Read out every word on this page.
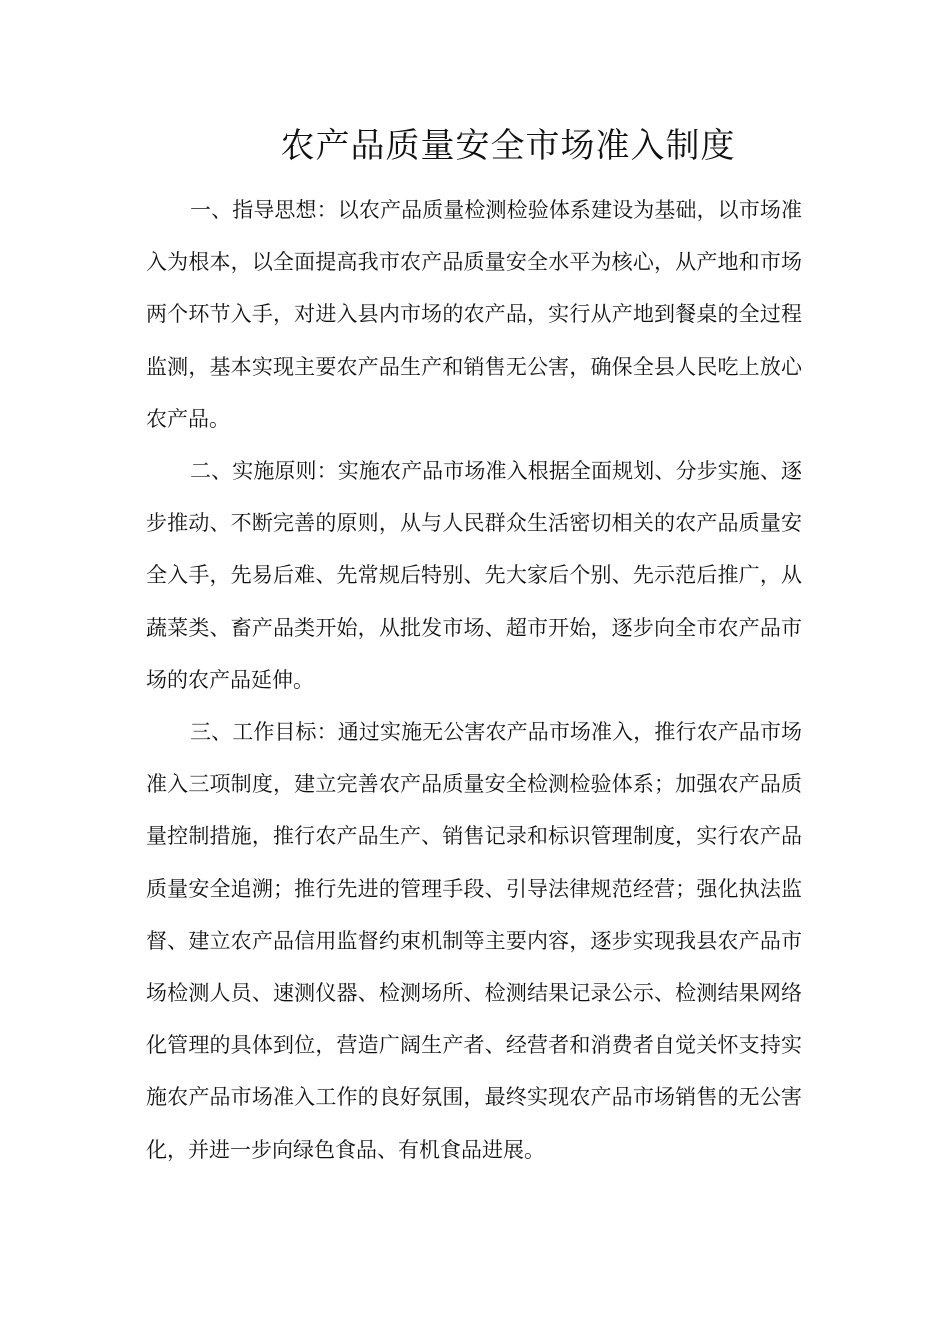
农产品质量安全市场准入制度

一、指导思想：以农产品质量检测检验体系建设为基础，以市场准入为根本，以全面提高我市农产品质量安全水平为核心，从产地和市场两个环节入手，对进入县内市场的农产品，实行从产地到餐桌的全过程监测，基本实现主要农产品生产和销售无公害，确保全县人民吃上放心农产品。

二、实施原则：实施农产品市场准入根据全面规划、分步实施、逐步推动、不断完善的原则，从与人民群众生活密切相关的农产品质量安全入手，先易后难、先常规后特别、先大家后个别、先示范后推广，从蔬菜类、畜产品类开始，从批发市场、超市开始，逐步向全市农产品市场的农产品延伸。

三、工作目标：通过实施无公害农产品市场准入，推行农产品市场准入三项制度，建立完善农产品质量安全检测检验体系；加强农产品质量控制措施，推行农产品生产、销售记录和标识管理制度，实行农产品质量安全追溯；推行先进的管理手段、引导法律规范经营；强化执法监督、建立农产品信用监督约束机制等主要内容，逐步实现我县农产品市场检测人员、速测仪器、检测场所、检测结果记录公示、检测结果网络化管理的具体到位，营造广阔生产者、经营者和消费者自觉关怀支持实施农产品市场准入工作的良好氛围，最终实现农产品市场销售的无公害化，并进一步向绿色食品、有机食品进展。
